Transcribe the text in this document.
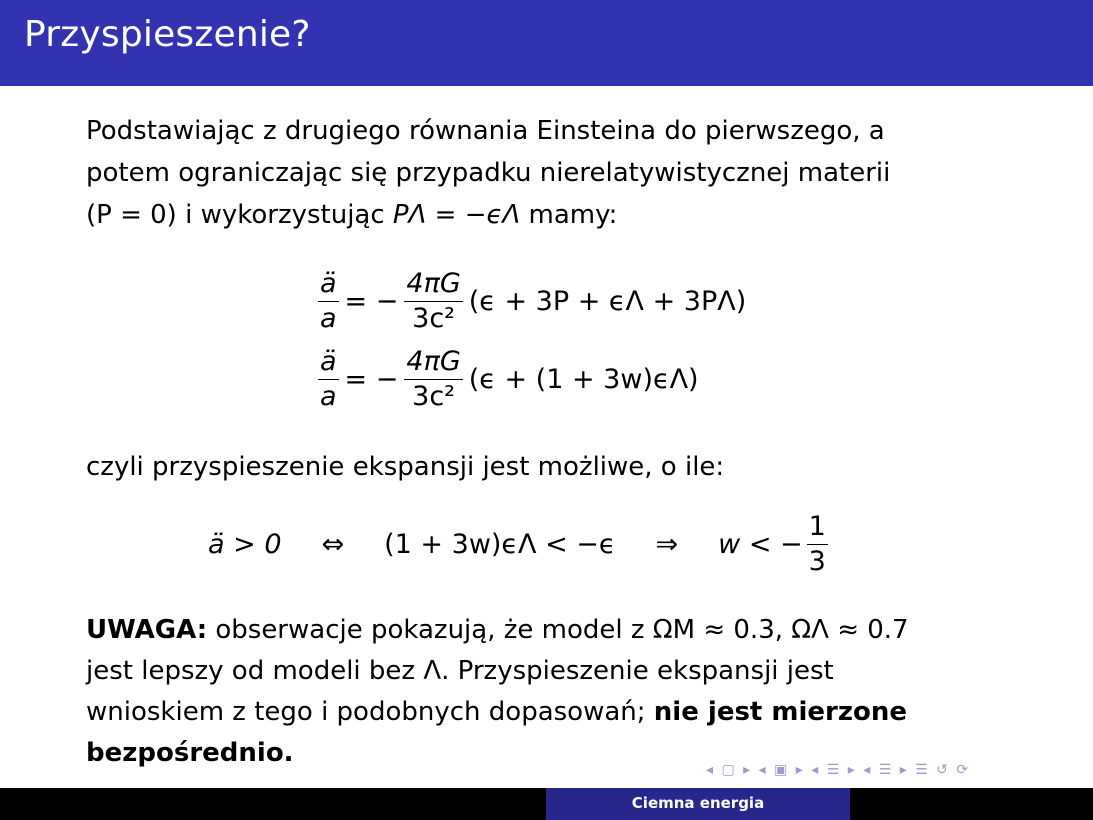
Przyspieszenie?
Podstawiając z drugiego równania Einsteina do pierwszego, a
potem ograniczając się przypadku nierelatywistycznej materii
(P = 0) i wykorzystując PΛ = −ϵΛ mamy:
$\frac{ä}{a}$ = − $\frac{4\pi G}{\text{3c²}} (\epsilon + 3P + \epsilon\Lambda + 3P\Lambda)$
$\frac{ä}{a}$ = − $\frac{4\pi G}{\text{3c²}} (\epsilon + (1 + 3w)\epsilon\Lambda)$
czyli przyspieszenie ekspansji jest możliwe, o ile:
ä > 0 ⇔ (1 + 3w)ϵΛ < −ϵ ⇒ w < − $\frac{1}{3}$
UWAGA: obserwacje pokazują, że model z ΩM ≈ 0.3, ΩΛ ≈ 0.7
jest lepszy od modeli bez Λ. Przyspieszenie ekspansji jest
wnioskiem z tego i podobnych dopasowań; nie jest mierzone
bezpośrednio.
◂ ▢ ▸ ◂ ▣ ▸ ◂ ☰ ▸ ◂ ☰ ▸ ☰ ↺ ⟳
Ciemna energia
